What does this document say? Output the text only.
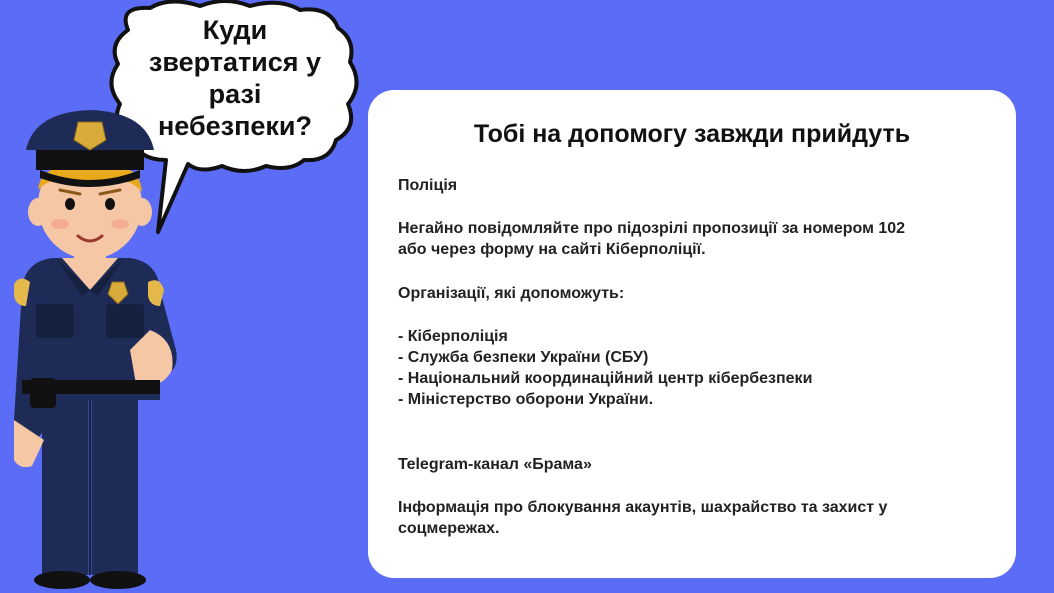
Куди
звертатися у
разі
небезпеки?	Тобі на допомогу завжди прийдуть

Поліція

Негайно повідомляйте про підозрілі пропозиції за номером 102

або через форму на сайті Кіберполіції.

Організації, які допоможуть:

- Кіберполіція
- Служба безпеки України (СБУ)
- Національний координаційний центр кібербезпеки
- Міністерство оборони України.

Telegram-канал «Брама»

Інформація про блокування акаунтів, шахрайство та захист у

соцмережах.
